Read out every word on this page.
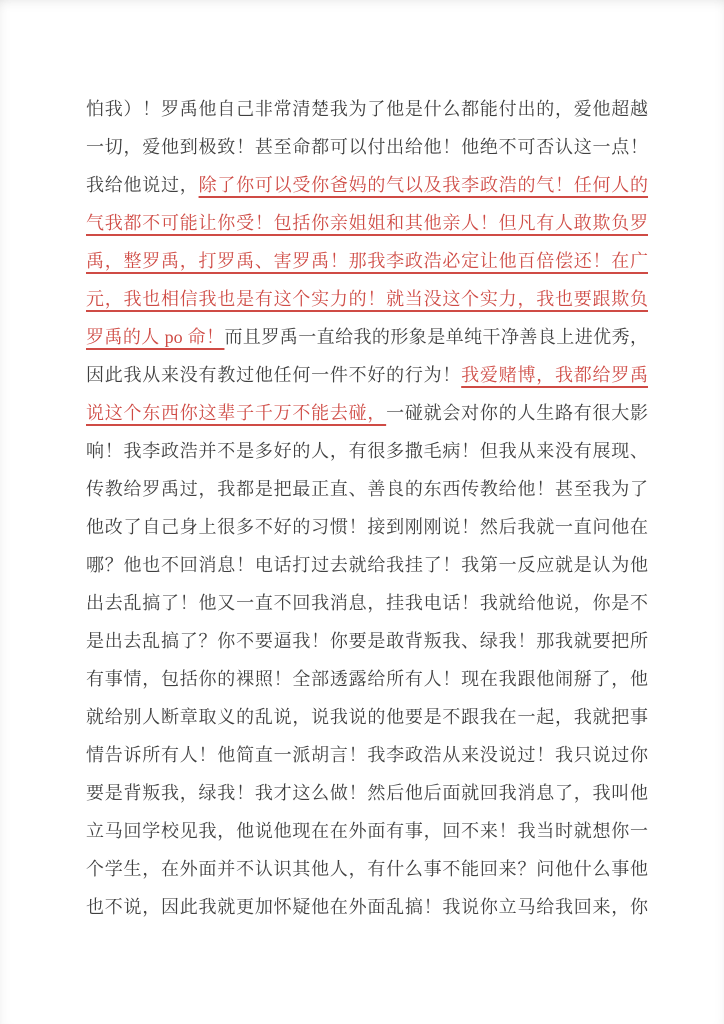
怕我）！罗禹他自己非常清楚我为了他是什么都能付出的，爱他超越
一切，爱他到极致！甚至命都可以付出给他！他绝不可否认这一点！
我给他说过，除了你可以受你爸妈的气以及我李政浩的气！任何人的
气我都不可能让你受！包括你亲姐姐和其他亲人！但凡有人敢欺负罗
禹，整罗禹，打罗禹、害罗禹！那我李政浩必定让他百倍偿还！在广
元，我也相信我也是有这个实力的！就当没这个实力，我也要跟欺负
罗禹的人 po 命！而且罗禹一直给我的形象是单纯干净善良上进优秀，
因此我从来没有教过他任何一件不好的行为！我爱赌博，我都给罗禹
说这个东西你这辈子千万不能去碰，一碰就会对你的人生路有很大影
响！我李政浩并不是多好的人，有很多撒毛病！但我从来没有展现、
传教给罗禹过，我都是把最正直、善良的东西传教给他！甚至我为了
他改了自己身上很多不好的习惯！接到刚刚说！然后我就一直问他在
哪？他也不回消息！电话打过去就给我挂了！我第一反应就是认为他
出去乱搞了！他又一直不回我消息，挂我电话！我就给他说，你是不
是出去乱搞了？你不要逼我！你要是敢背叛我、绿我！那我就要把所
有事情，包括你的裸照！全部透露给所有人！现在我跟他闹掰了，他
就给别人断章取义的乱说，说我说的他要是不跟我在一起，我就把事
情告诉所有人！他简直一派胡言！我李政浩从来没说过！我只说过你
要是背叛我，绿我！我才这么做！然后他后面就回我消息了，我叫他
立马回学校见我，他说他现在在外面有事，回不来！我当时就想你一
个学生，在外面并不认识其他人，有什么事不能回来？问他什么事他
也不说，因此我就更加怀疑他在外面乱搞！我说你立马给我回来，你
